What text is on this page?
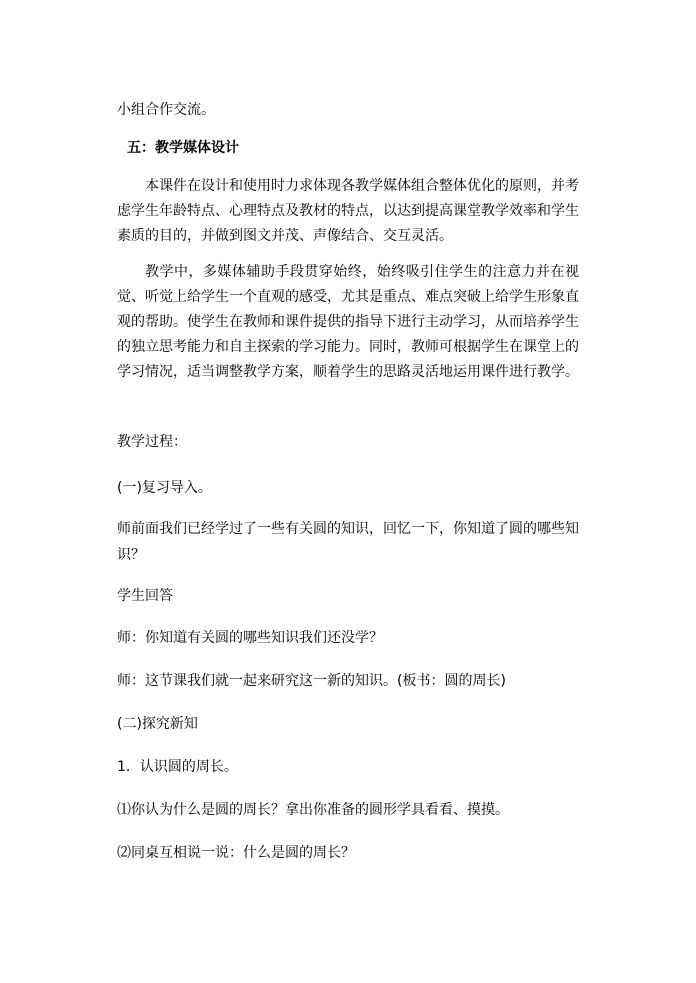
小组合作交流。

五：教学媒体设计

本课件在设计和使用时力求体现各教学媒体组合整体优化的原则，并考虑学生年龄特点、心理特点及教材的特点，以达到提高课堂教学效率和学生素质的目的，并做到图文并茂、声像结合、交互灵活。

教学中，多媒体辅助手段贯穿始终，始终吸引住学生的注意力并在视觉、听觉上给学生一个直观的感受，尤其是重点、难点突破上给学生形象直观的帮助。使学生在教师和课件提供的指导下进行主动学习，从而培养学生的独立思考能力和自主探索的学习能力。同时，教师可根据学生在课堂上的学习情况，适当调整教学方案，顺着学生的思路灵活地运用课件进行教学。

教学过程：

(一)复习导入。

师前面我们已经学过了一些有关圆的知识，回忆一下，你知道了圆的哪些知

识？

学生回答

师：你知道有关圆的哪些知识我们还没学？

师：这节课我们就一起来研究这一新的知识。(板书：圆的周长)

(二)探究新知

1．认识圆的周长。

⑴你认为什么是圆的周长？拿出你准备的圆形学具看看、摸摸。

⑵同桌互相说一说：什么是圆的周长？
